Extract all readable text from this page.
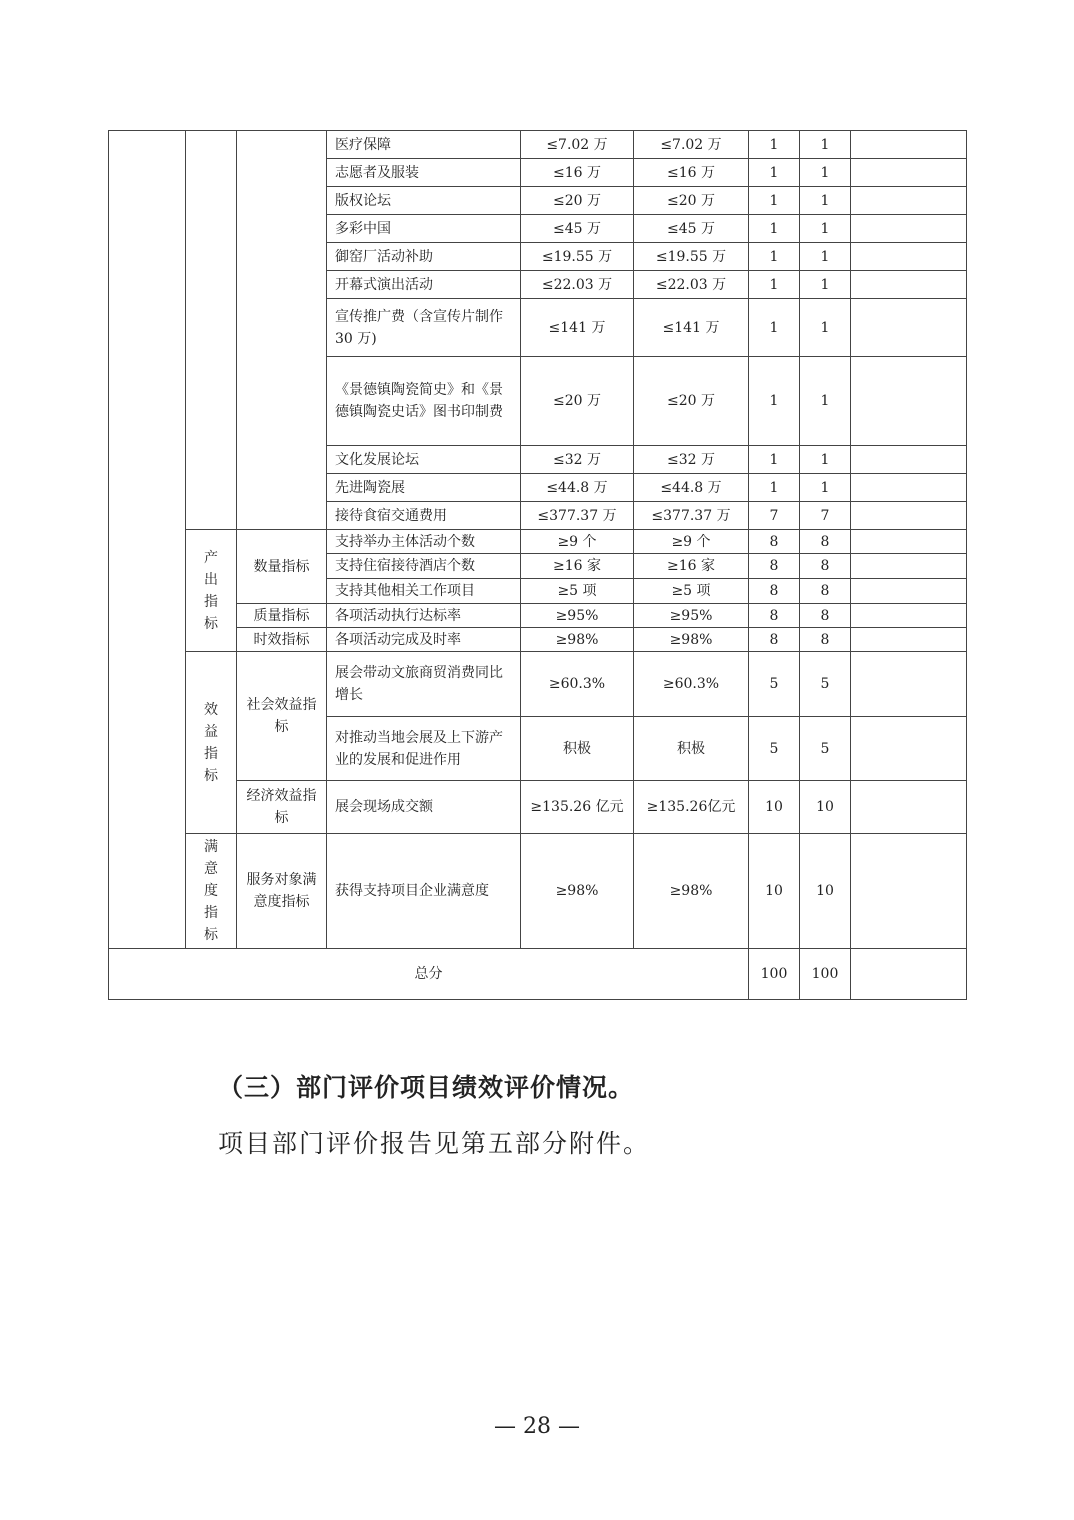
			医疗保障	≤7.02 万	≤7.02 万	1	1	
			志愿者及服装	≤16 万	≤16 万	1	1	
			版权论坛	≤20 万	≤20 万	1	1	
			多彩中国	≤45 万	≤45 万	1	1	
			御窑厂活动补助	≤19.55 万	≤19.55 万	1	1	
			开幕式演出活动	≤22.03 万	≤22.03 万	1	1	
			宣传推广费（含宣传片制作 30 万)	≤141 万	≤141 万	1	1	
			《景德镇陶瓷简史》和《景德镇陶瓷史话》图书印制费	≤20 万	≤20 万	1	1	
			文化发展论坛	≤32 万	≤32 万	1	1	
			先进陶瓷展	≤44.8 万	≤44.8 万	1	1	
			接待食宿交通费用	≤377.37 万	≤377.37 万	7	7	

	产出指标	数量指标	支持举办主体活动个数	≥9 个	≥9 个	8	8	
			支持住宿接待酒店个数	≥16 家	≥16 家	8	8	
			支持其他相关工作项目	≥5 项	≥5 项	8	8	
		质量指标	各项活动执行达标率	≥95%	≥95%	8	8	
		时效指标	各项活动完成及时率	≥98%	≥98%	8	8	

	效益指标	社会效益指标	展会带动文旅商贸消费同比增长	≥60.3%	≥60.3%	5	5	
			对推动当地会展及上下游产业的发展和促进作用	积极	积极	5	5	
		经济效益指标	展会现场成交额	≥135.26 亿元	≥135.26亿元	10	10	

	满意度指标	服务对象满意度指标	获得支持项目企业满意度	≥98%	≥98%	10	10	
总分						100	100	
（三）部门评价项目绩效评价情况。
项目部门评价报告见第五部分附件。
— 28 —
